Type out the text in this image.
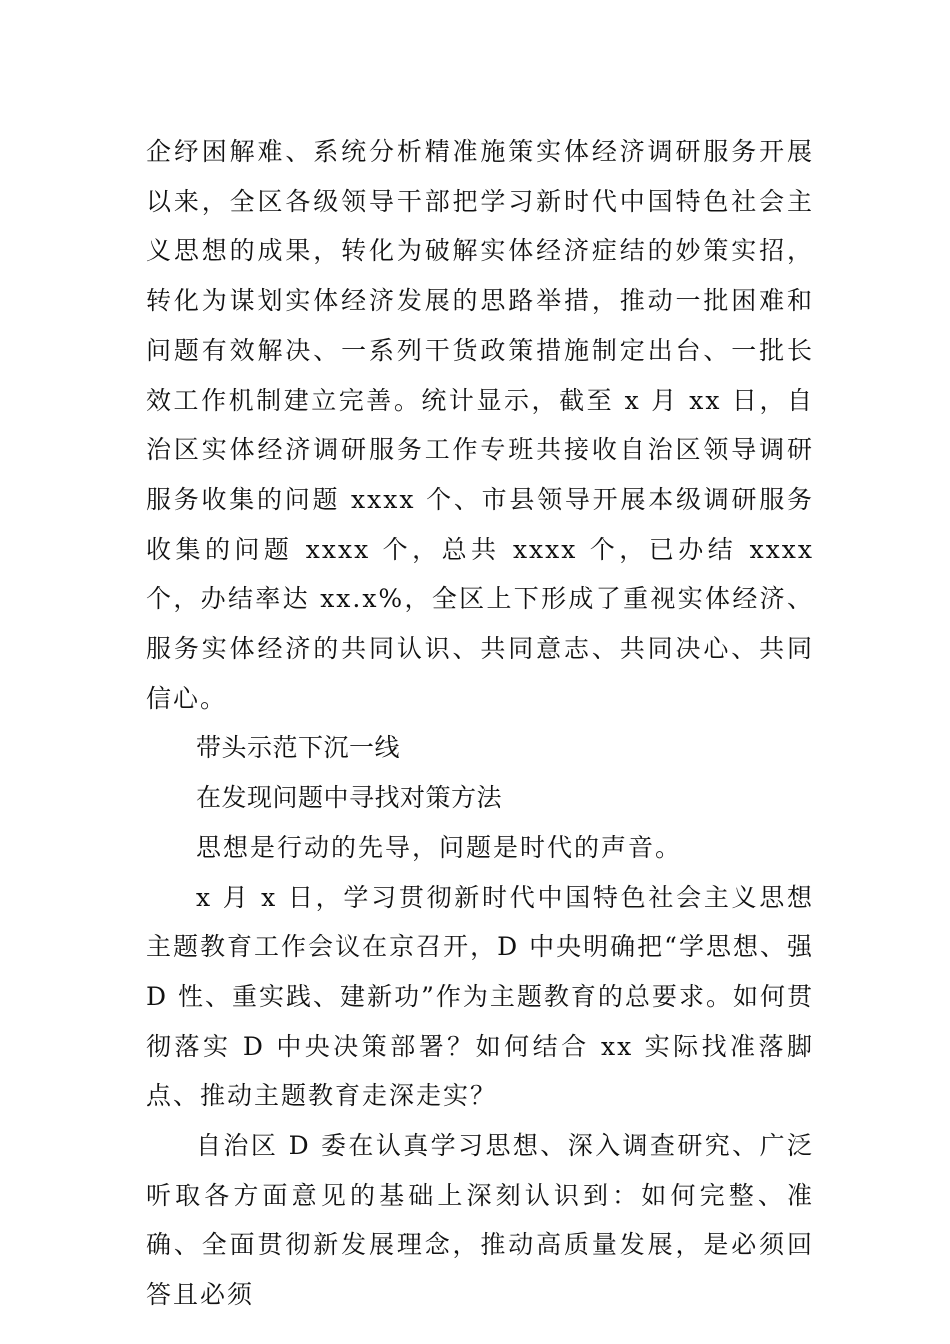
企纾困解难、系统分析精准施策实体经济调研服务开展以来，全区各级领导干部把学习新时代中国特色社会主义思想的成果，转化为破解实体经济症结的妙策实招，转化为谋划实体经济发展的思路举措，推动一批困难和问题有效解决、一系列干货政策措施制定出台、一批长效工作机制建立完善。统计显示，截至 x 月 xx 日，自治区实体经济调研服务工作专班共接收自治区领导调研服务收集的问题 xxxx 个、市县领导开展本级调研服务收集的问题 xxxx 个，总共 xxxx 个，已办结 xxxx 个，办结率达 xx.x%，全区上下形成了重视实体经济、服务实体经济的共同认识、共同意志、共同决心、共同信心。

带头示范下沉一线
在发现问题中寻找对策方法

思想是行动的先导，问题是时代的声音。

x 月 x 日，学习贯彻新时代中国特色社会主义思想主题教育工作会议在京召开，D 中央明确把“学思想、强 D 性、重实践、建新功”作为主题教育的总要求。如何贯彻落实 D 中央决策部署？如何结合 xx 实际找准落脚点、推动主题教育走深走实？

自治区 D 委在认真学习思想、深入调查研究、广泛听取各方面意见的基础上深刻认识到：如何完整、准确、全面贯彻新发展理念，推动高质量发展，是必须回答且必须
